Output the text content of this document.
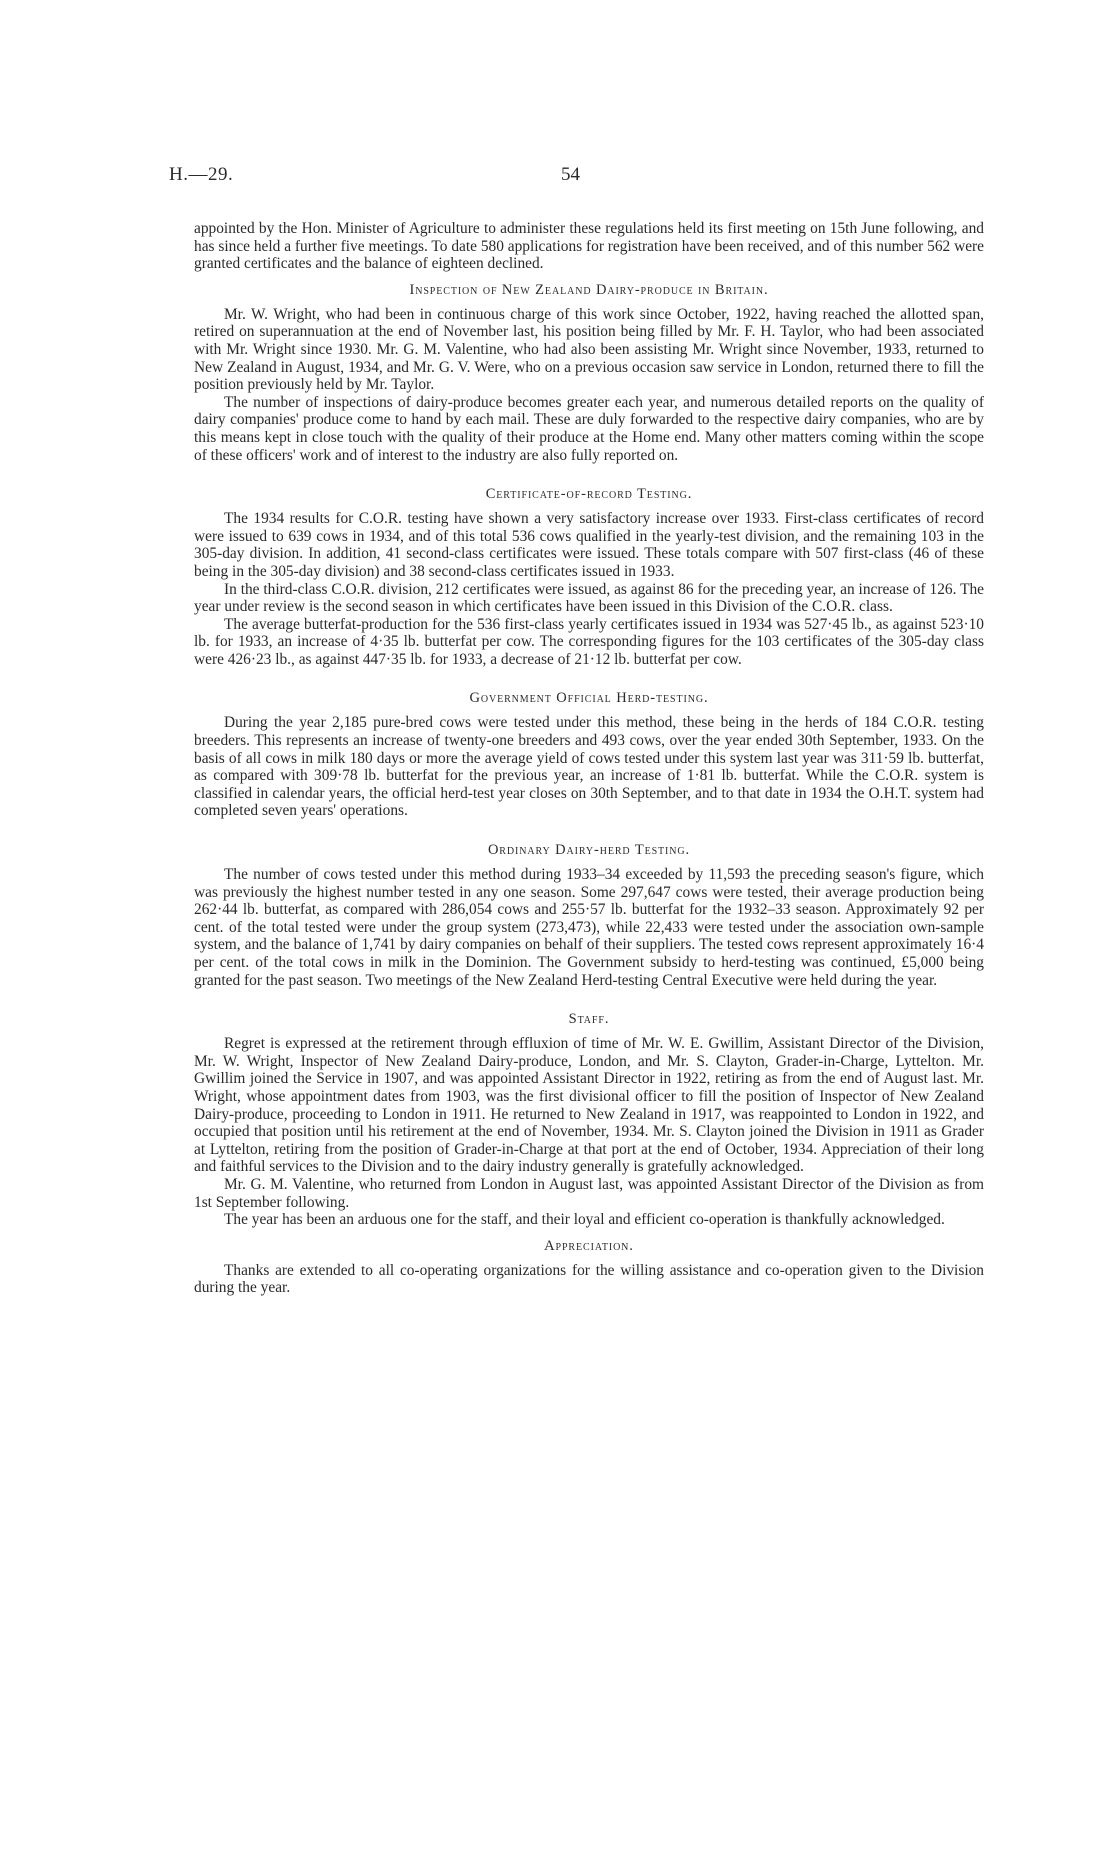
H.—29.	54

appointed by the Hon. Minister of Agriculture to administer these regulations held its first meeting on 15th June following, and has since held a further five meetings. To date 580 applications for registration have been received, and of this number 562 were granted certificates and the balance of eighteen declined.

Inspection of New Zealand Dairy-produce in Britain.

Mr. W. Wright, who had been in continuous charge of this work since October, 1922, having reached the allotted span, retired on superannuation at the end of November last, his position being filled by Mr. F. H. Taylor, who had been associated with Mr. Wright since 1930. Mr. G. M. Valentine, who had also been assisting Mr. Wright since November, 1933, returned to New Zealand in August, 1934, and Mr. G. V. Were, who on a previous occasion saw service in London, returned there to fill the position previously held by Mr. Taylor.

The number of inspections of dairy-produce becomes greater each year, and numerous detailed reports on the quality of dairy companies' produce come to hand by each mail. These are duly forwarded to the respective dairy companies, who are by this means kept in close touch with the quality of their produce at the Home end. Many other matters coming within the scope of these officers' work and of interest to the industry are also fully reported on.

Certificate-of-record Testing.

The 1934 results for C.O.R. testing have shown a very satisfactory increase over 1933. First-class certificates of record were issued to 639 cows in 1934, and of this total 536 cows qualified in the yearly-test division, and the remaining 103 in the 305-day division. In addition, 41 second-class certificates were issued. These totals compare with 507 first-class (46 of these being in the 305-day division) and 38 second-class certificates issued in 1933.

In the third-class C.O.R. division, 212 certificates were issued, as against 86 for the preceding year, an increase of 126. The year under review is the second season in which certificates have been issued in this Division of the C.O.R. class.

The average butterfat-production for the 536 first-class yearly certificates issued in 1934 was 527·45 lb., as against 523·10 lb. for 1933, an increase of 4·35 lb. butterfat per cow. The corresponding figures for the 103 certificates of the 305-day class were 426·23 lb., as against 447·35 lb. for 1933, a decrease of 21·12 lb. butterfat per cow.

Government Official Herd-testing.

During the year 2,185 pure-bred cows were tested under this method, these being in the herds of 184 C.O.R. testing breeders. This represents an increase of twenty-one breeders and 493 cows, over the year ended 30th September, 1933. On the basis of all cows in milk 180 days or more the average yield of cows tested under this system last year was 311·59 lb. butterfat, as compared with 309·78 lb. butterfat for the previous year, an increase of 1·81 lb. butterfat. While the C.O.R. system is classified in calendar years, the official herd-test year closes on 30th September, and to that date in 1934 the O.H.T. system had completed seven years' operations.

Ordinary Dairy-herd Testing.

The number of cows tested under this method during 1933–34 exceeded by 11,593 the preceding season's figure, which was previously the highest number tested in any one season. Some 297,647 cows were tested, their average production being 262·44 lb. butterfat, as compared with 286,054 cows and 255·57 lb. butterfat for the 1932–33 season. Approximately 92 per cent. of the total tested were under the group system (273,473), while 22,433 were tested under the association own-sample system, and the balance of 1,741 by dairy companies on behalf of their suppliers. The tested cows represent approximately 16·4 per cent. of the total cows in milk in the Dominion. The Government subsidy to herd-testing was continued, £5,000 being granted for the past season. Two meetings of the New Zealand Herd-testing Central Executive were held during the year.

Staff.

Regret is expressed at the retirement through effluxion of time of Mr. W. E. Gwillim, Assistant Director of the Division, Mr. W. Wright, Inspector of New Zealand Dairy-produce, London, and Mr. S. Clayton, Grader-in-Charge, Lyttelton. Mr. Gwillim joined the Service in 1907, and was appointed Assistant Director in 1922, retiring as from the end of August last. Mr. Wright, whose appointment dates from 1903, was the first divisional officer to fill the position of Inspector of New Zealand Dairy-produce, proceeding to London in 1911. He returned to New Zealand in 1917, was reappointed to London in 1922, and occupied that position until his retirement at the end of November, 1934. Mr. S. Clayton joined the Division in 1911 as Grader at Lyttelton, retiring from the position of Grader-in-Charge at that port at the end of October, 1934. Appreciation of their long and faithful services to the Division and to the dairy industry generally is gratefully acknowledged.

Mr. G. M. Valentine, who returned from London in August last, was appointed Assistant Director of the Division as from 1st September following.

The year has been an arduous one for the staff, and their loyal and efficient co-operation is thankfully acknowledged.

Appreciation.

Thanks are extended to all co-operating organizations for the willing assistance and co-operation given to the Division during the year.
